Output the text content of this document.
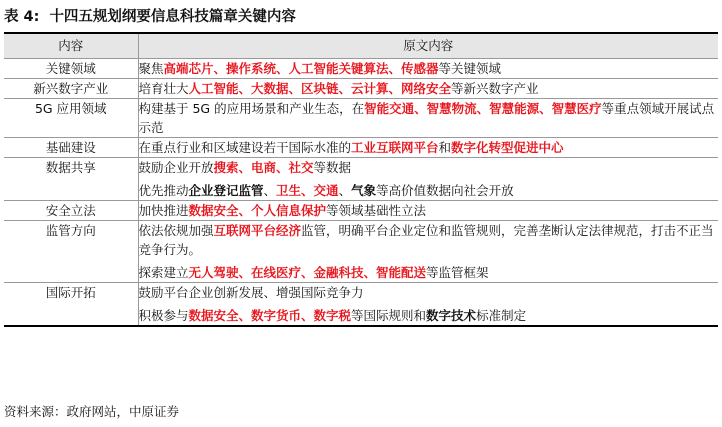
表 4: 十四五规划纲要信息科技篇章关键内容
内容	原文内容
关键领域	聚焦高端芯片、操作系统、人工智能关键算法、传感器等关键领域

新兴数字产业	培育壮大人工智能、大数据、区块链、云计算、网络安全等新兴数字产业

5G 应用领域	构建基于 5G 的应用场景和产业生态，在智能交通、智慧物流、智慧能源、智慧医疗等重点领域开展试点示范

基础建设	在重点行业和区域建设若干国际水准的工业互联网平台和数字化转型促进中心

数据共享	鼓励企业开放搜索、电商、社交等数据
优先推动企业登记监管、卫生、交通、气象等高价值数据向社会开放

安全立法	加快推进数据安全、个人信息保护等领域基础性立法

监管方向	依法依规加强互联网平台经济监管，明确平台企业定位和监管规则，完善垄断认定法律规范，打击不正当竞争行为。
探索建立无人驾驶、在线医疗、金融科技、智能配送等监管框架

国际开拓	鼓励平台企业创新发展、增强国际竞争力
积极参与数据安全、数字货币、数字税等国际规则和数字技术标准制定
资料来源：政府网站，中原证券
